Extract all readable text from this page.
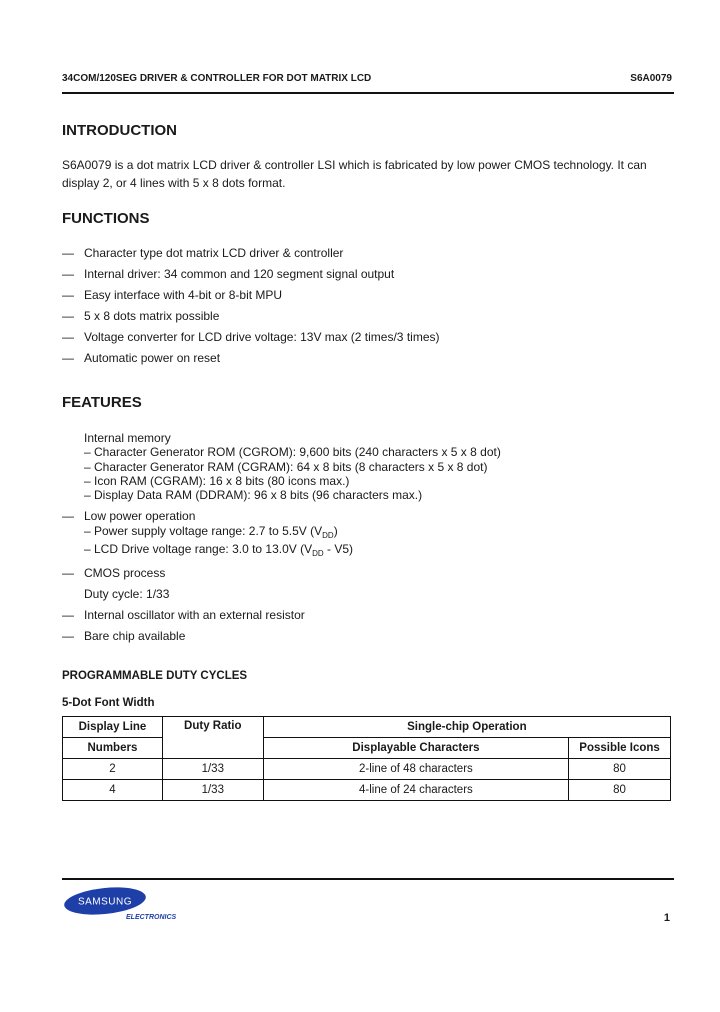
34COM/120SEG DRIVER & CONTROLLER FOR DOT MATRIX LCD	S6A0079
INTRODUCTION
S6A0079 is a dot matrix LCD driver & controller LSI which is fabricated by low power CMOS technology. It can
display 2, or 4 lines with 5 x 8 dots format.
FUNCTIONS
— Character type dot matrix LCD driver & controller
— Internal driver: 34 common and 120 segment signal output
— Easy interface with 4-bit or 8-bit MPU
— 5 x 8 dots matrix possible
— Voltage converter for LCD drive voltage: 13V max (2 times/3 times)
— Automatic power on reset
FEATURES
Internal memory
– Character Generator ROM (CGROM): 9,600 bits (240 characters x 5 x 8 dot)
– Character Generator RAM (CGRAM): 64 x 8 bits (8 characters x 5 x 8 dot)
– Icon RAM (CGRAM): 16 x 8 bits (80 icons max.)
– Display Data RAM (DDRAM): 96 x 8 bits (96 characters max.)
— Low power operation
– Power supply voltage range: 2.7 to 5.5V $(V_{DD})$
– LCD Drive voltage range: 3.0 to 13.0V $(V_{DD} - V5)$
— CMOS process
Duty cycle: 1/33
— Internal oscillator with an external resistor
— Bare chip available
PROGRAMMABLE DUTY CYCLES
5-Dot Font Width
Display Line	Duty Ratio	Single-chip Operation	
Numbers		Displayable Characters	Possible Icons
2	1/33	2-line of 48 characters	80
4	1/33	4-line of 24 characters	80
SAMSUNG
ELECTRONICS	1
